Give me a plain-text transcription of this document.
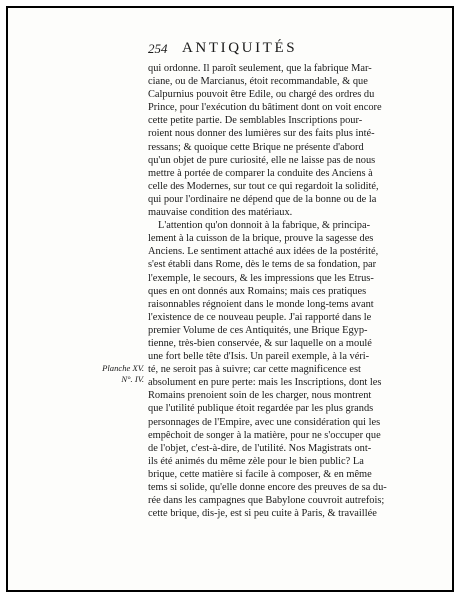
254 ANTIQUITÉS
Planche XV.
N°. IV.
qui ordonne. Il paroît seulement, que la fabrique Mar-
ciane, ou de Marcianus, étoit recommandable, & que
Calpurnius pouvoit être Edile, ou chargé des ordres du
Prince, pour l'exécution du bâtiment dont on voit encore
cette petite partie. De semblables Inscriptions pour-
roient nous donner des lumières sur des faits plus inté-
ressans; & quoique cette Brique ne présente d'abord
qu'un objet de pure curiosité, elle ne laisse pas de nous
mettre à portée de comparer la conduite des Anciens à
celle des Modernes, sur tout ce qui regardoit la solidité,
qui pour l'ordinaire ne dépend que de la bonne ou de la
mauvaise condition des matériaux.
L'attention qu'on donnoit à la fabrique, & principa-
lement à la cuisson de la brique, prouve la sagesse des
Anciens. Le sentiment attaché aux idées de la postérité,
s'est établi dans Rome, dès le tems de sa fondation, par
l'exemple, le secours, & les impressions que les Etrus-
ques en ont donnés aux Romains; mais ces pratiques
raisonnables régnoient dans le monde long-tems avant
l'existence de ce nouveau peuple. J'ai rapporté dans le
premier Volume de ces Antiquités, une Brique Egyp-
tienne, très-bien conservée, & sur laquelle on a moulé
une fort belle tête d'Isis. Un pareil exemple, à la véri-
té, ne seroit pas à suivre; car cette magnificence est
absolument en pure perte: mais les Inscriptions, dont les
Romains prenoient soin de les charger, nous montrent
que l'utilité publique étoit regardée par les plus grands
personnages de l'Empire, avec une considération qui les
empêchoit de songer à la matière, pour ne s'occuper que
de l'objet, c'est-à-dire, de l'utilité. Nos Magistrats ont-
ils été animés du même zèle pour le bien public? La
brique, cette matière si facile à composer, & en même
tems si solide, qu'elle donne encore des preuves de sa du-
rée dans les campagnes que Babylone couvroit autrefois;
cette brique, dis-je, est si peu cuite à Paris, & travaillée
